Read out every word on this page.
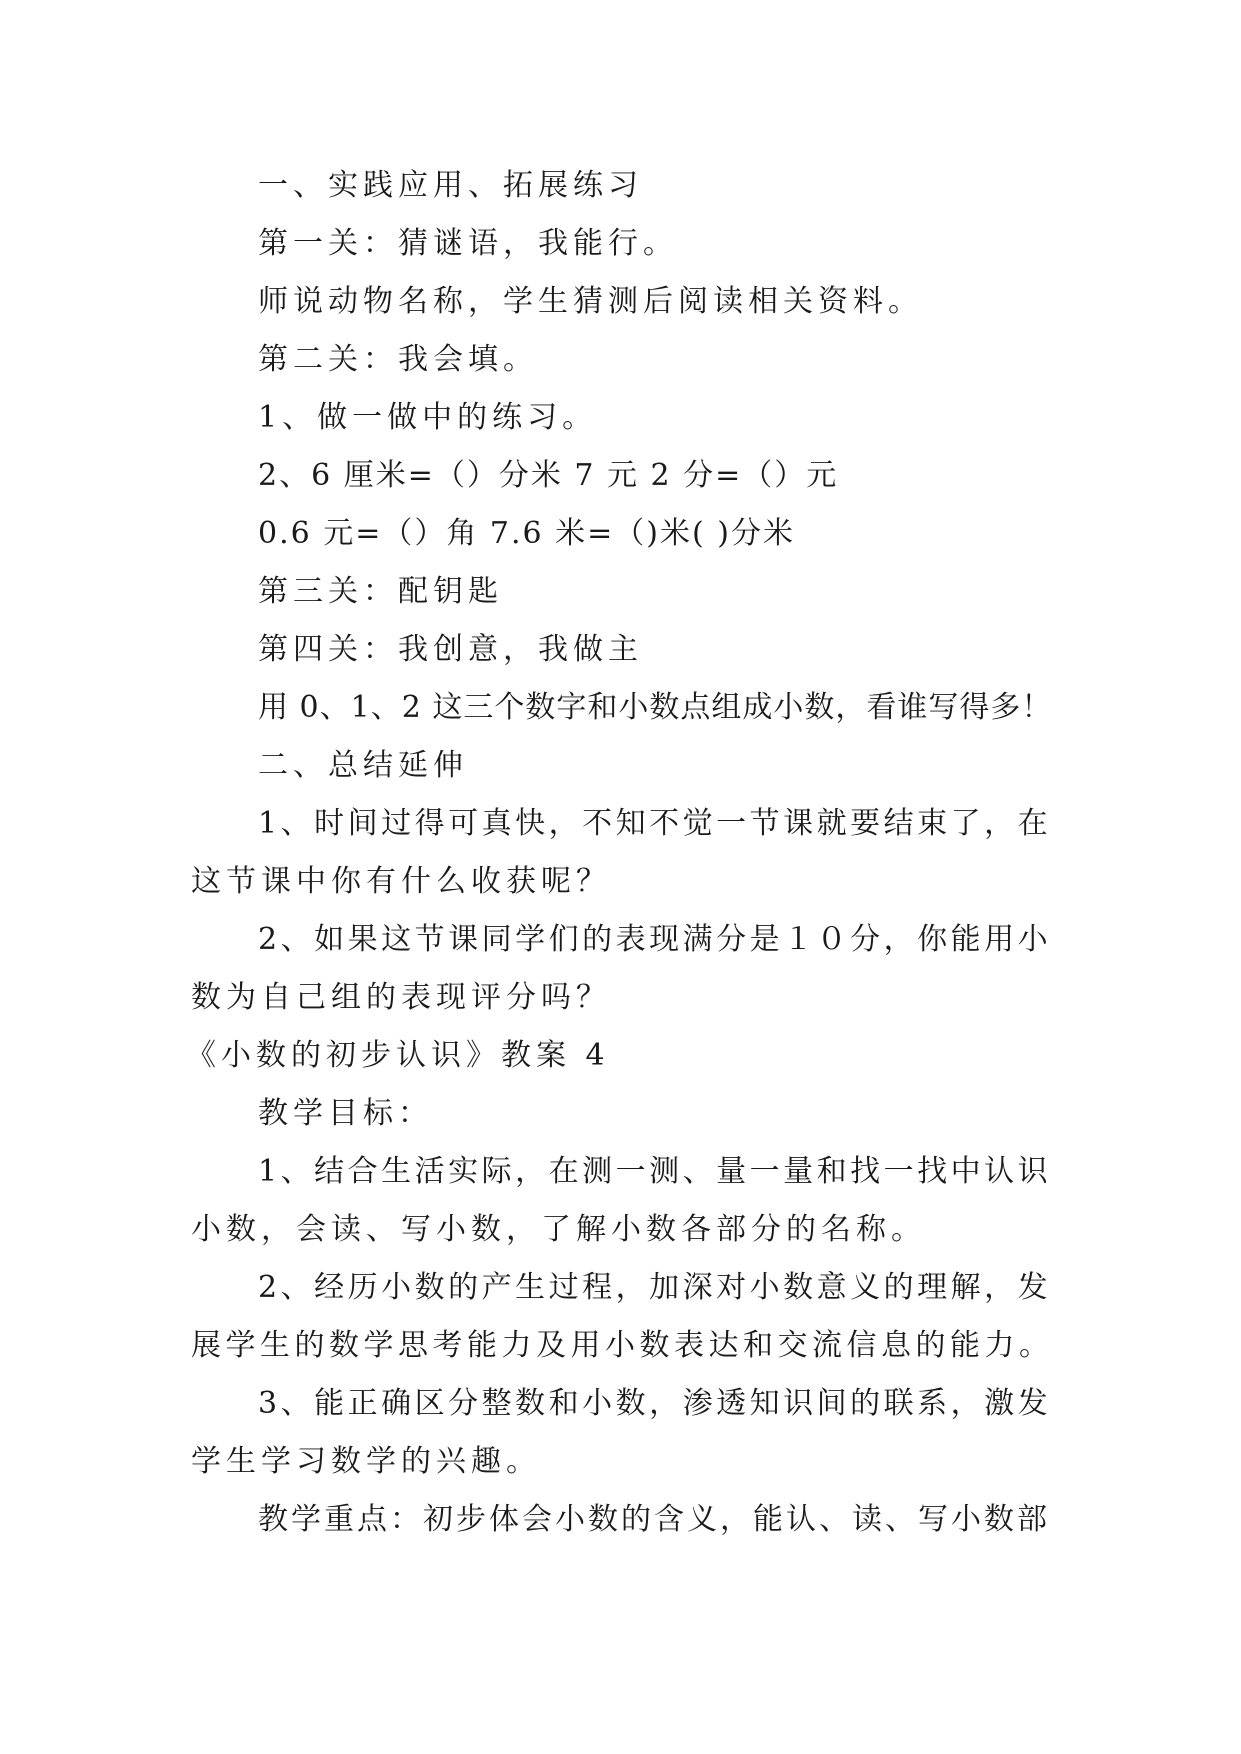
一、实践应用、拓展练习

第一关：猜谜语，我能行。

师说动物名称，学生猜测后阅读相关资料。

第二关：我会填。

1、做一做中的练习。

2、6 厘米=（）分米 7 元 2 分=（）元

0.6 元=（）角 7.6 米=（)米( )分米

第三关：配钥匙

第四关：我创意，我做主

用 0、1、2 这三个数字和小数点组成小数，看谁写得多！

二、总结延伸

1、时间过得可真快，不知不觉一节课就要结束了，在

这节课中你有什么收获呢？

2、如果这节课同学们的表现满分是１０分，你能用小

数为自己组的表现评分吗？

《小数的初步认识》教案 4

教学目标：

1、结合生活实际，在测一测、量一量和找一找中认识

小数，会读、写小数，了解小数各部分的名称。

2、经历小数的产生过程，加深对小数意义的理解，发

展学生的数学思考能力及用小数表达和交流信息的能力。

3、能正确区分整数和小数，渗透知识间的联系，激发

学生学习数学的兴趣。

教学重点：初步体会小数的含义，能认、读、写小数部
